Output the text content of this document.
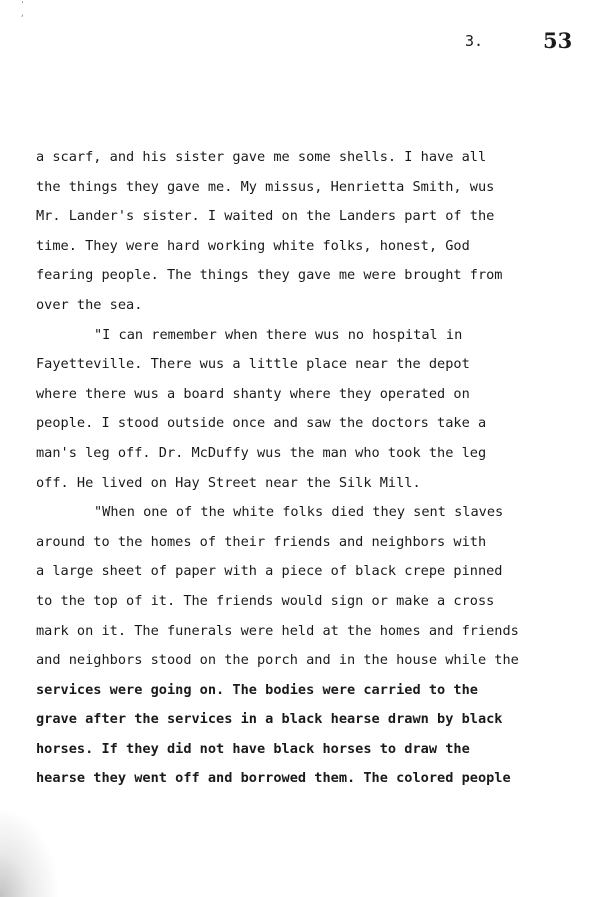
' ,
3.	53
a scarf, and his sister gave me some shells. I have all
the things they gave me. My missus, Henrietta Smith, wus
Mr. Lander's sister. I waited on the Landers part of the
time. They were hard working white folks, honest, God
fearing people. The things they gave me were brought from
over the sea.
"I can remember when there wus no hospital in
Fayetteville. There wus a little place near the depot
where there wus a board shanty where they operated on
people. I stood outside once and saw the doctors take a
man's leg off. Dr. McDuffy wus the man who took the leg
off. He lived on Hay Street near the Silk Mill.
"When one of the white folks died they sent slaves
around to the homes of their friends and neighbors with
a large sheet of paper with a piece of black crepe pinned
to the top of it. The friends would sign or make a cross
mark on it. The funerals were held at the homes and friends
and neighbors stood on the porch and in the house while the
services were going on. The bodies were carried to the
grave after the services in a black hearse drawn by black
horses. If they did not have black horses to draw the
hearse they went off and borrowed them. The colored people
